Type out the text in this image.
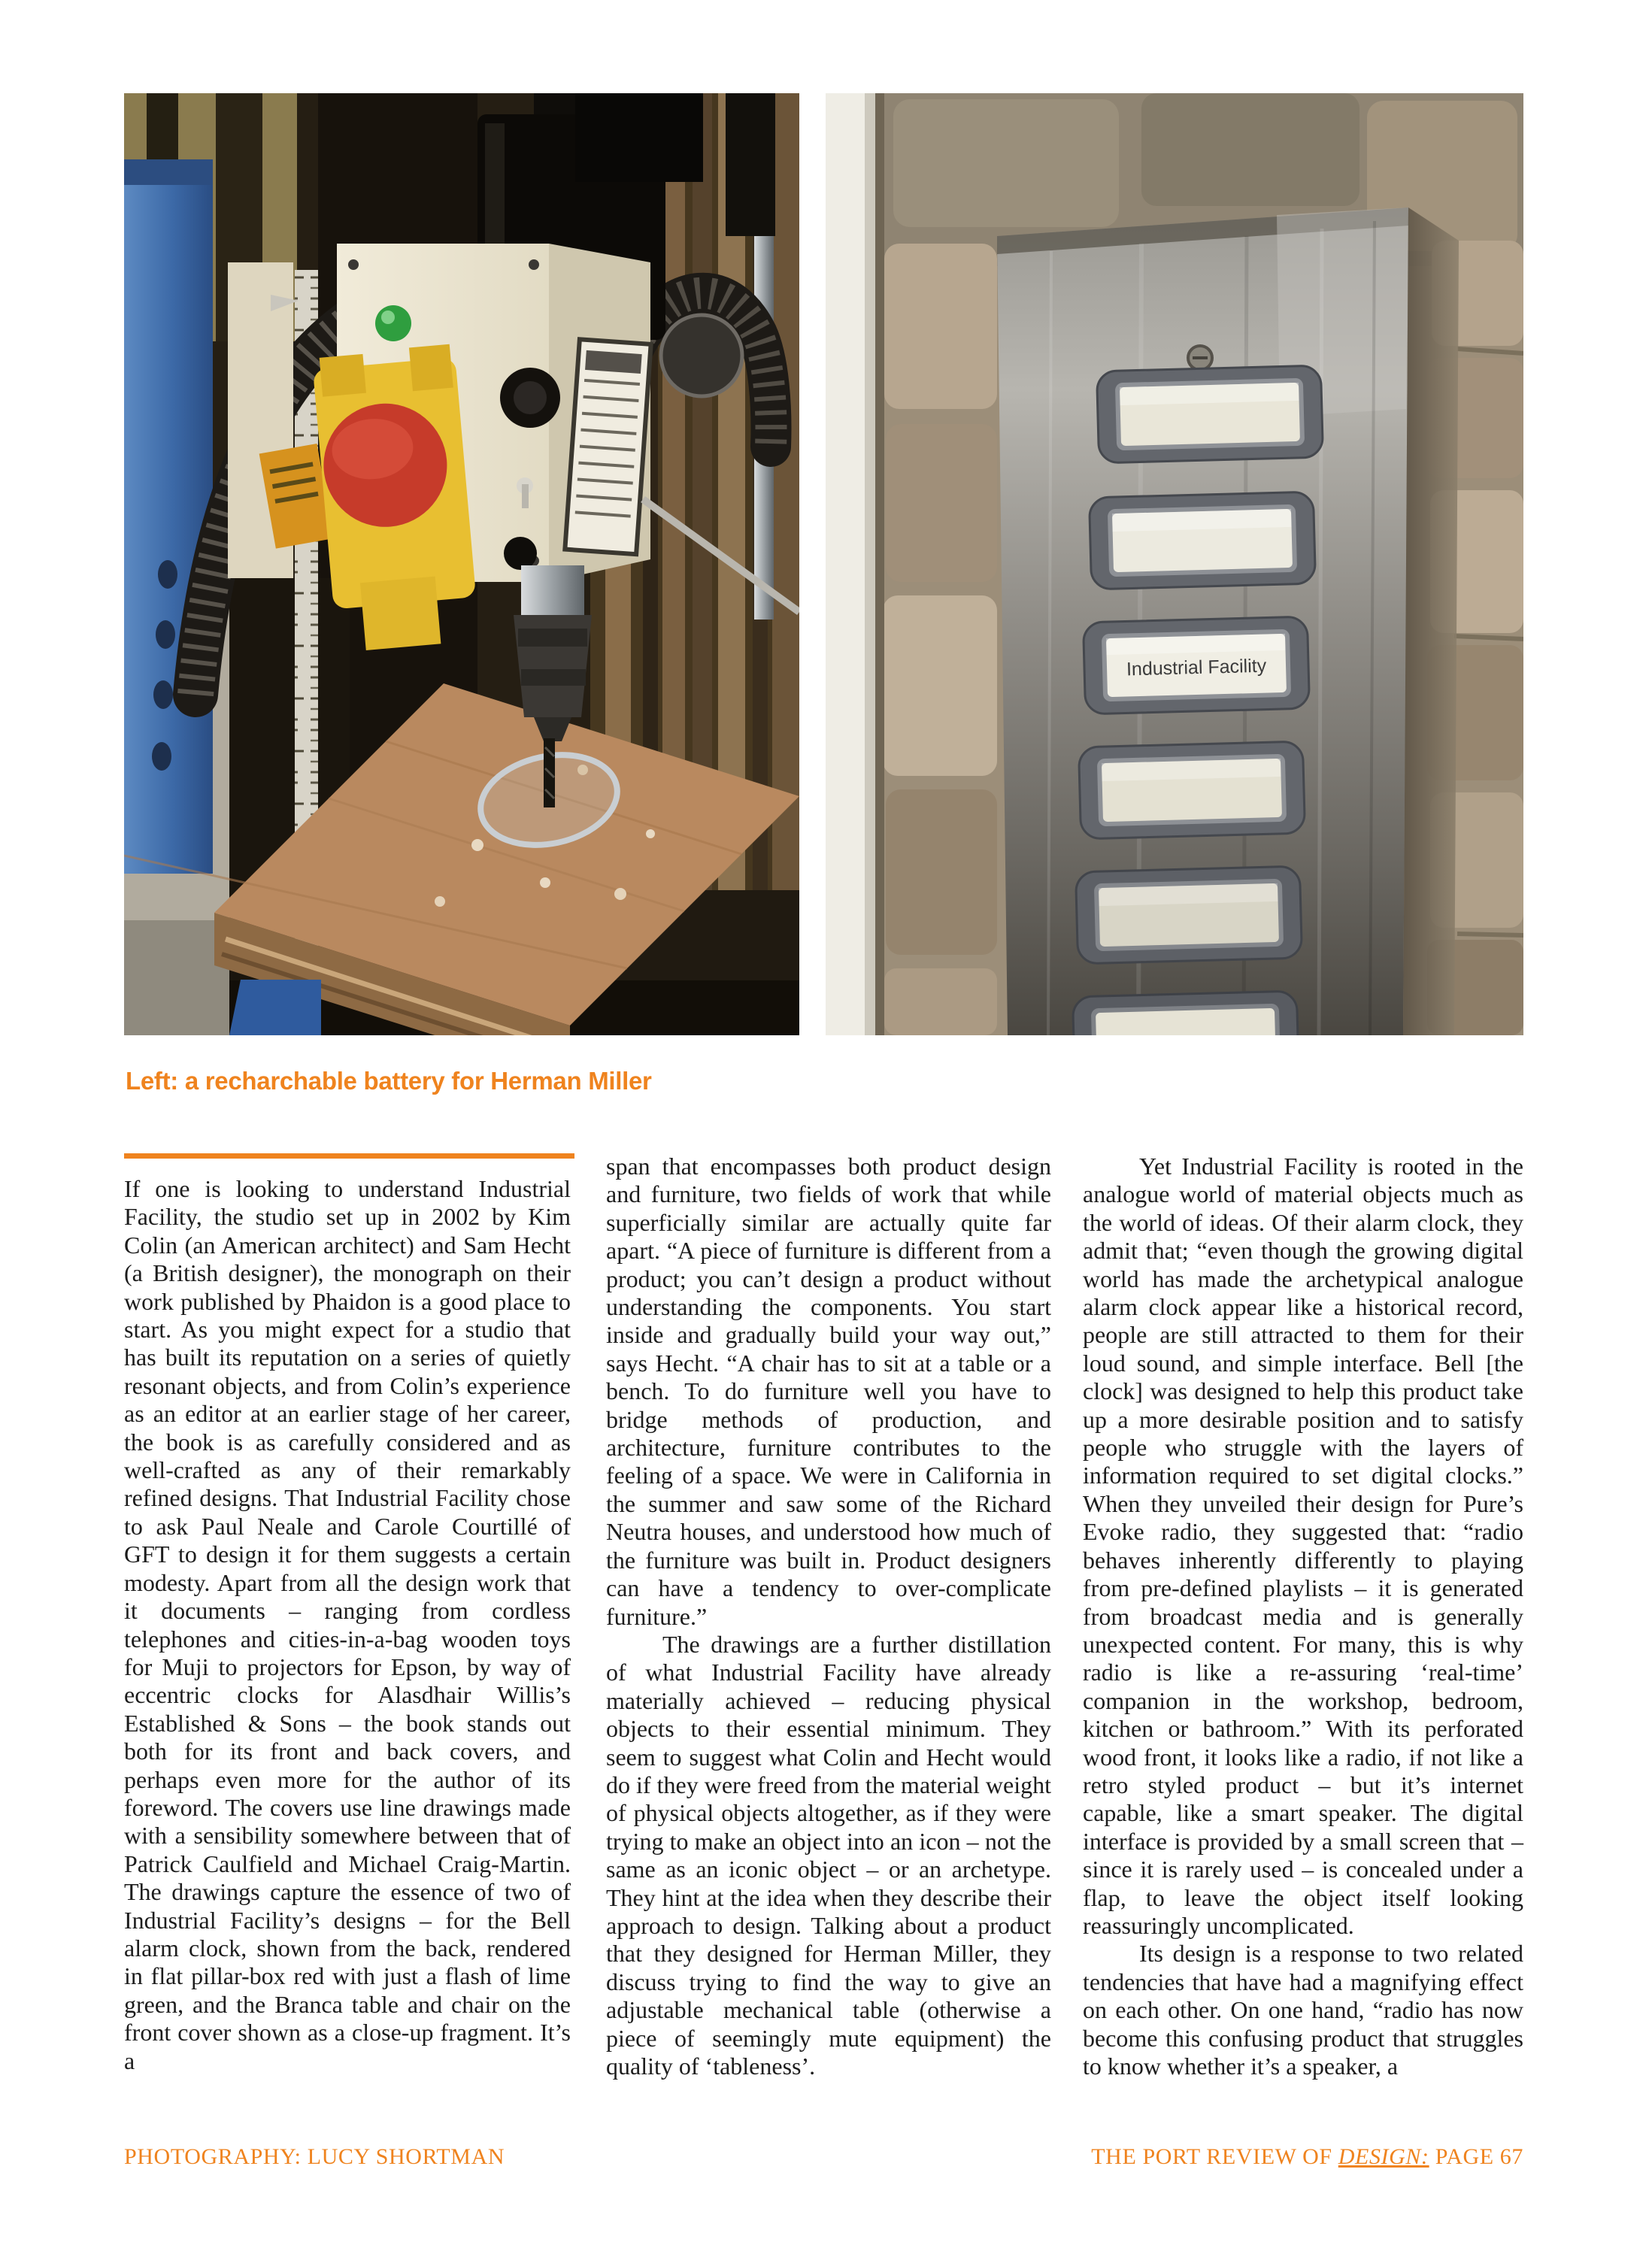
Industrial Facility
Left: a recharchable battery for Herman Miller

If one is looking to understand Industrial Facility, the studio set up in 2002 by Kim Colin (an American architect) and Sam Hecht (a British designer), the monograph on their work published by Phaidon is a good place to start. As you might expect for a studio that has built its reputation on a series of quietly resonant objects, and from Colin’s experience as an editor at an earlier stage of her career, the book is as carefully considered and as well-crafted as any of their remarkably refined designs. That Industrial Facility chose to ask Paul Neale and Carole Courtillé of GFT to design it for them suggests a certain modesty. Apart from all the design work that it documents – ranging from cordless telephones and cities-in-a-bag wooden toys for Muji to projectors for Epson, by way of eccentric clocks for Alasdhair Willis’s Established & Sons – the book stands out both for its front and back covers, and perhaps even more for the author of its foreword. The covers use line drawings made with a sensibility somewhere between that of Patrick Caulfield and Michael Craig-Martin. The drawings capture the essence of two of Industrial Facility’s designs – for the Bell alarm clock, shown from the back, rendered in flat pillar-box red with just a flash of lime green, and the Branca table and chair on the front cover shown as a close-up fragment. It’s a

span that encompasses both product design and furniture, two fields of work that while superficially similar are actually quite far apart. “A piece of furniture is different from a product; you can’t design a product without understanding the components. You start inside and gradually build your way out,” says Hecht. “A chair has to sit at a table or a bench. To do furniture well you have to bridge methods of production, and architecture, furniture contributes to the feeling of a space. We were in California in the summer and saw some of the Richard Neutra houses, and understood how much of the furniture was built in. Product designers can have a tendency to over-complicate furniture.”

The drawings are a further distillation of what Industrial Facility have already materially achieved – reducing physical objects to their essential minimum. They seem to suggest what Colin and Hecht would do if they were freed from the material weight of physical objects altogether, as if they were trying to make an object into an icon – not the same as an iconic object – or an archetype. They hint at the idea when they describe their approach to design. Talking about a product that they designed for Herman Miller, they discuss trying to find the way to give an adjustable mechanical table (otherwise a piece of seemingly mute equipment) the quality of ‘tableness’.

Yet Industrial Facility is rooted in the analogue world of material objects much as the world of ideas. Of their alarm clock, they admit that; “even though the growing digital world has made the archetypical analogue alarm clock appear like a historical record, people are still attracted to them for their loud sound, and simple interface. Bell [the clock] was designed to help this product take up a more desirable position and to satisfy people who struggle with the layers of information required to set digital clocks.” When they unveiled their design for Pure’s Evoke radio, they suggested that: “radio behaves inherently differently to playing from pre-defined playlists – it is generated from broadcast media and is generally unexpected content. For many, this is why radio is like a re-assuring ‘real-time’ companion in the workshop, bedroom, kitchen or bathroom.” With its perforated wood front, it looks like a radio, if not like a retro styled product – but it’s internet capable, like a smart speaker. The digital interface is provided by a small screen that – since it is rarely used – is concealed under a flap, to leave the object itself looking reassuringly uncomplicated.

Its design is a response to two related tendencies that have had a magnifying effect on each other. On one hand, “radio has now become this confusing product that struggles to know whether it’s a speaker, a

PHOTOGRAPHY: LUCY SHORTMAN	THE PORT REVIEW OF DESIGN: PAGE 67
